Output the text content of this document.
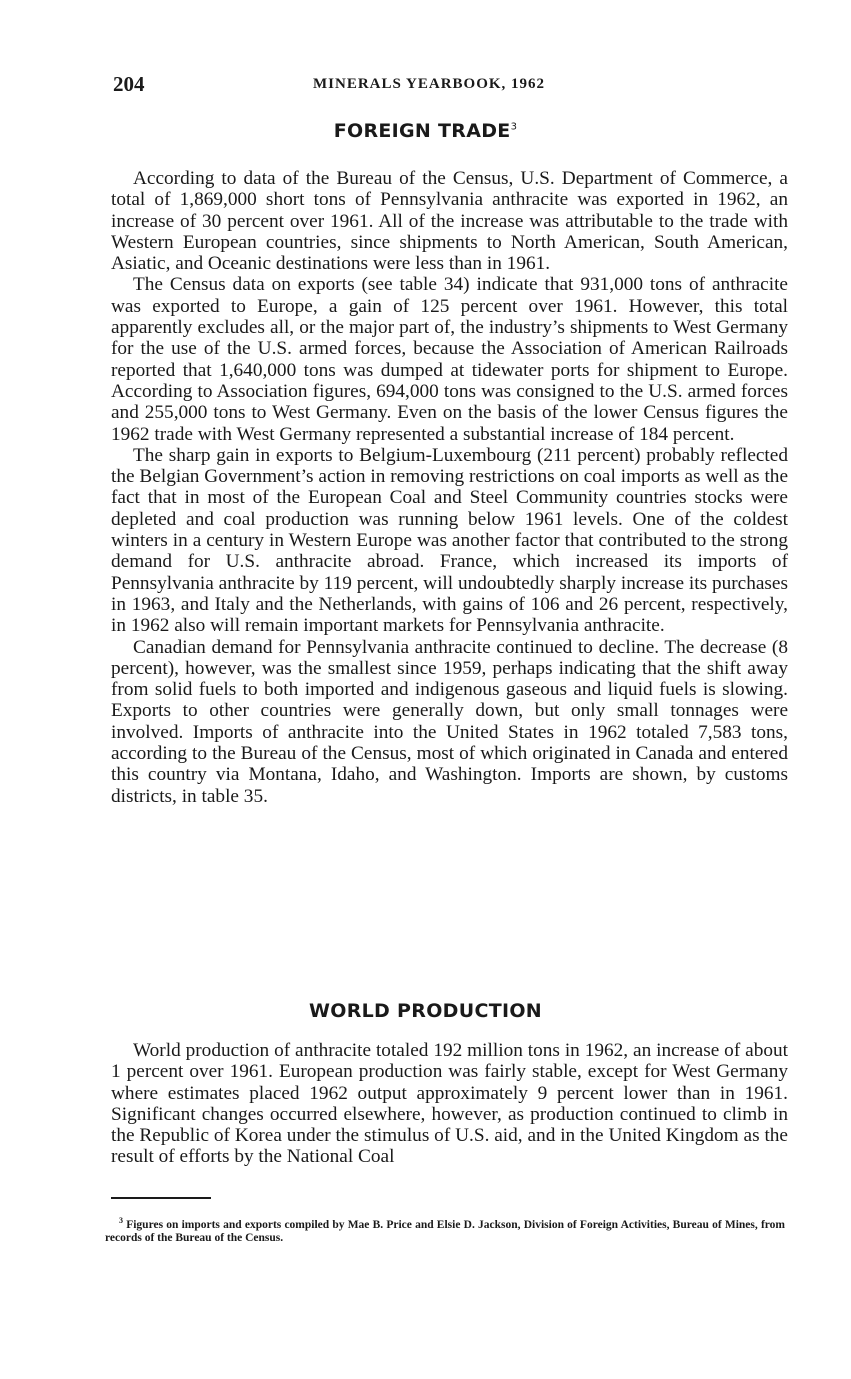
204	MINERALS YEARBOOK, 1962
FOREIGN TRADE$^3$

According to data of the Bureau of the Census, U.S. Department of Commerce, a total of 1,869,000 short tons of Pennsylvania anthracite was exported in 1962, an increase of 30 percent over 1961. All of the increase was attributable to the trade with Western European countries, since shipments to North American, South American, Asiatic, and Oceanic destinations were less than in 1961.

The Census data on exports (see table 34) indicate that 931,000 tons of anthracite was exported to Europe, a gain of 125 percent over 1961. However, this total apparently excludes all, or the major part of, the industry’s shipments to West Germany for the use of the U.S. armed forces, because the Association of American Railroads reported that 1,640,000 tons was dumped at tidewater ports for shipment to Europe. According to Association figures, 694,000 tons was consigned to the U.S. armed forces and 255,000 tons to West Germany. Even on the basis of the lower Census figures the 1962 trade with West Germany represented a substantial increase of 184 percent.

The sharp gain in exports to Belgium-Luxembourg (211 percent) probably reflected the Belgian Government’s action in removing restrictions on coal imports as well as the fact that in most of the European Coal and Steel Community countries stocks were depleted and coal production was running below 1961 levels. One of the coldest winters in a century in Western Europe was another factor that contributed to the strong demand for U.S. anthracite abroad. France, which increased its imports of Pennsylvania anthracite by 119 percent, will undoubtedly sharply increase its purchases in 1963, and Italy and the Netherlands, with gains of 106 and 26 percent, respectively, in 1962 also will remain important markets for Pennsylvania anthracite.

Canadian demand for Pennsylvania anthracite continued to decline. The decrease (8 percent), however, was the smallest since 1959, perhaps indicating that the shift away from solid fuels to both imported and indigenous gaseous and liquid fuels is slowing. Exports to other countries were generally down, but only small tonnages were involved. Imports of anthracite into the United States in 1962 totaled 7,583 tons, according to the Bureau of the Census, most of which originated in Canada and entered this country via Montana, Idaho, and Washington. Imports are shown, by customs districts, in table 35.

WORLD PRODUCTION

World production of anthracite totaled 192 million tons in 1962, an increase of about 1 percent over 1961. European production was fairly stable, except for West Germany where estimates placed 1962 output approximately 9 percent lower than in 1961. Significant changes occurred elsewhere, however, as production continued to climb in the Republic of Korea under the stimulus of U.S. aid, and in the United Kingdom as the result of efforts by the National Coal

$^3$ Figures on imports and exports compiled by Mae B. Price and Elsie D. Jackson, Division of Foreign Activities, Bureau of Mines, from records of the Bureau of the Census.
